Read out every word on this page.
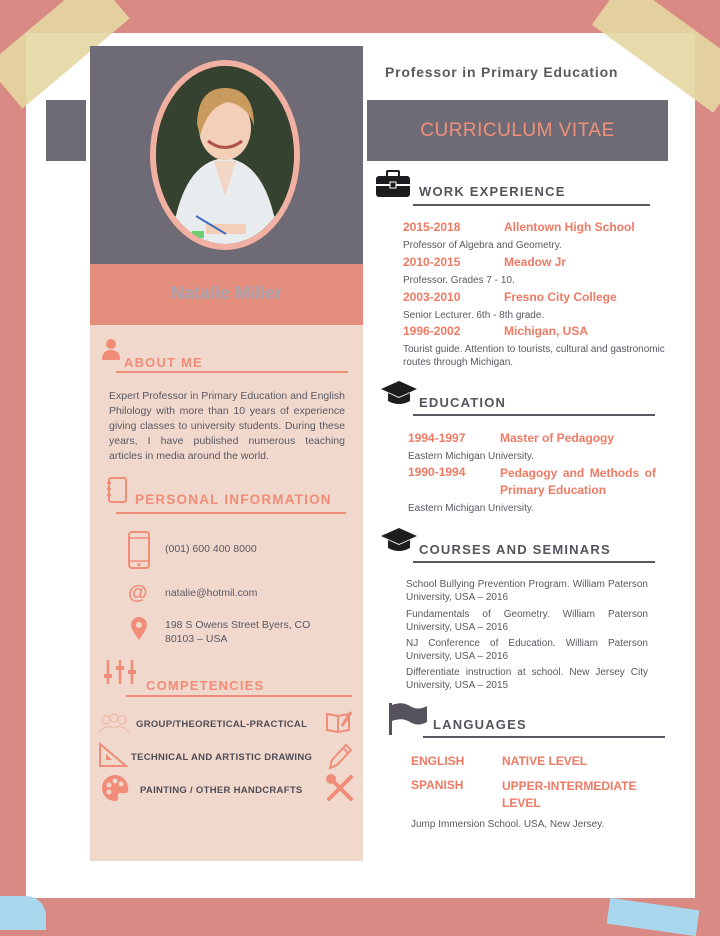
Natalie Miller
ABOUT ME
Expert Professor in Primary Education and English Philology with more than 10 years of experience giving classes to university students. During these years, I have published numerous teaching articles in media around the world.
PERSONAL INFORMATION
(001) 600 400 8000
@ natalie@hotmil.com
198 S Owens Street Byers, CO
80103 – USA
COMPETENCIES
GROUP/THEORETICAL-PRACTICAL
TECHNICAL AND ARTISTIC DRAWING
PAINTING / OTHER HANDCRAFTS
Professor in Primary Education
CURRICULUM VITAE
WORK EXPERIENCE
2015-2018	Allentown High School
Professor of Algebra and Geometry.
2010-2015	Meadow Jr
Professor. Grades 7 - 10.
2003-2010	Fresno City College
Senior Lecturer. 6th - 8th grade.
1996-2002	Michigan, USA
Tourist guide. Attention to tourists, cultural and gastronomic routes through Michigan.
EDUCATION
1994-1997	Master of Pedagogy
Eastern Michigan University.
1990-1994	Pedagogy and Methods of Primary Education
Eastern Michigan University.
COURSES AND SEMINARS
School Bullying Prevention Program. William Paterson University, USA – 2016
Fundamentals of Geometry. William Paterson University, USA – 2016
NJ Conference of Education. William Paterson University, USA – 2016
Differentiate instruction at school. New Jersey City University, USA – 2015
LANGUAGES
ENGLISH	NATIVE LEVEL
SPANISH	UPPER-INTERMEDIATE LEVEL
Jump Immersion School. USA, New Jersey.
